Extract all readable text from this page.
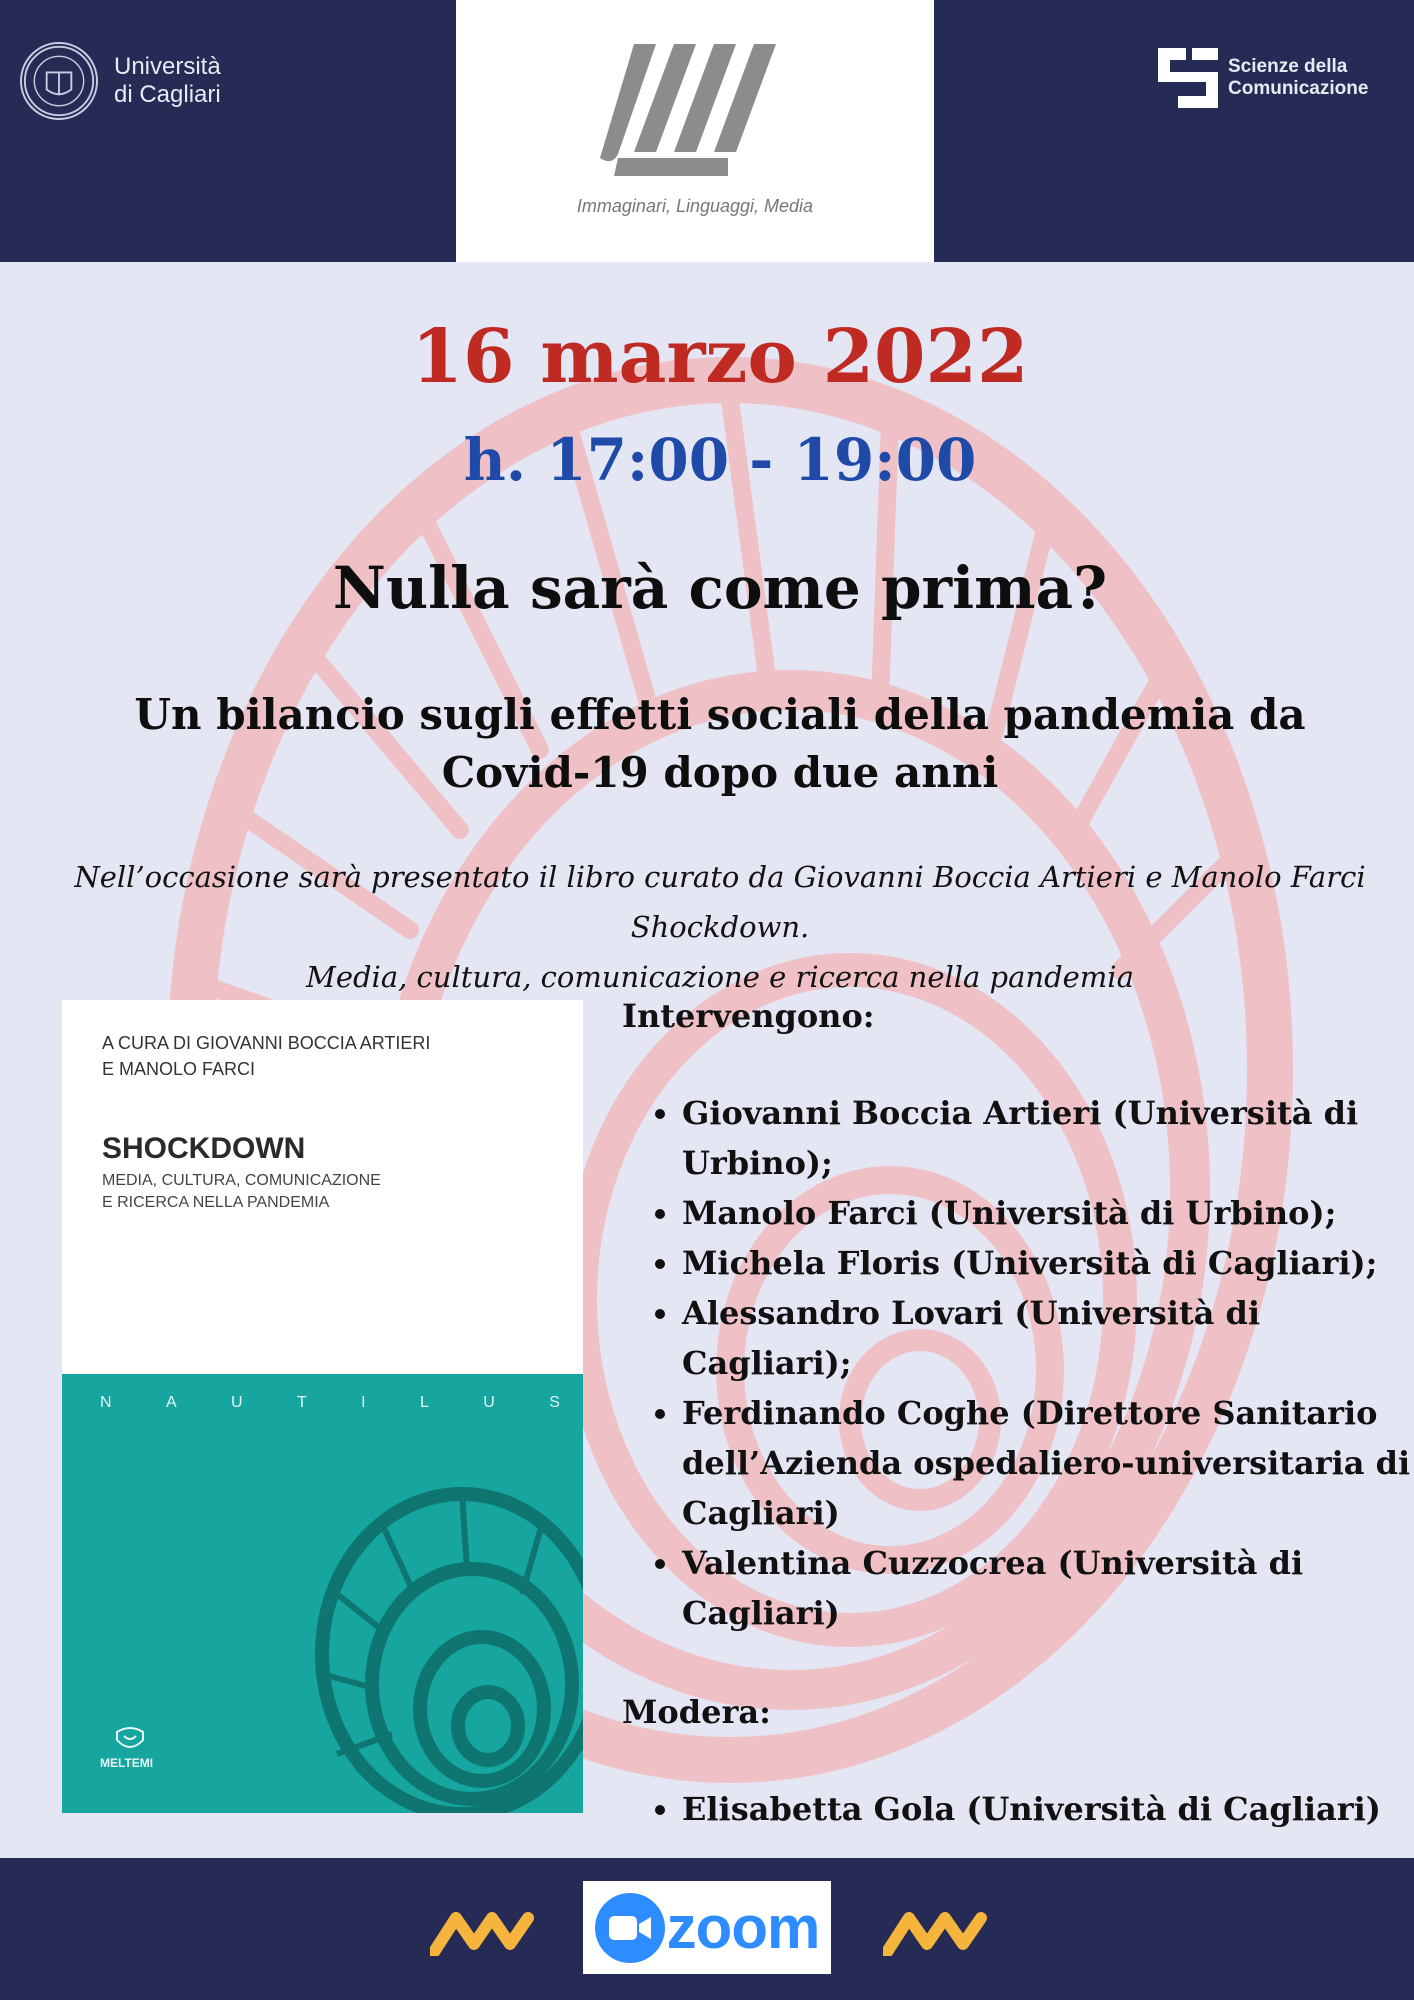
Università
di Cagliari
Immaginari, Linguaggi, Media
Scienze della
Comunicazione
16 marzo 2022
h. 17:00 - 19:00
Nulla sarà come prima?
Un bilancio sugli effetti sociali della pandemia da
Covid-19 dopo due anni
Nell’occasione sarà presentato il libro curato da Giovanni Boccia Artieri e Manolo Farci Shockdown.
Media, cultura, comunicazione e ricerca nella pandemia
A CURA DI GIOVANNI BOCCIA ARTIERI
E MANOLO FARCI
SHOCKDOWN
MEDIA, CULTURA, COMUNICAZIONE
E RICERCA NELLA PANDEMIA
N	A	U	T	I	L	U	S
MELTEMI
Intervengono:
• Giovanni Boccia Artieri (Università di Urbino);
• Manolo Farci (Università di Urbino);
• Michela Floris (Università di Cagliari);
• Alessandro Lovari (Università di Cagliari);
• Ferdinando Coghe (Direttore Sanitario dell’Azienda ospedaliero-universitaria di Cagliari)
• Valentina Cuzzocrea (Università di Cagliari)
Modera:
• Elisabetta Gola (Università di Cagliari)
zoom
